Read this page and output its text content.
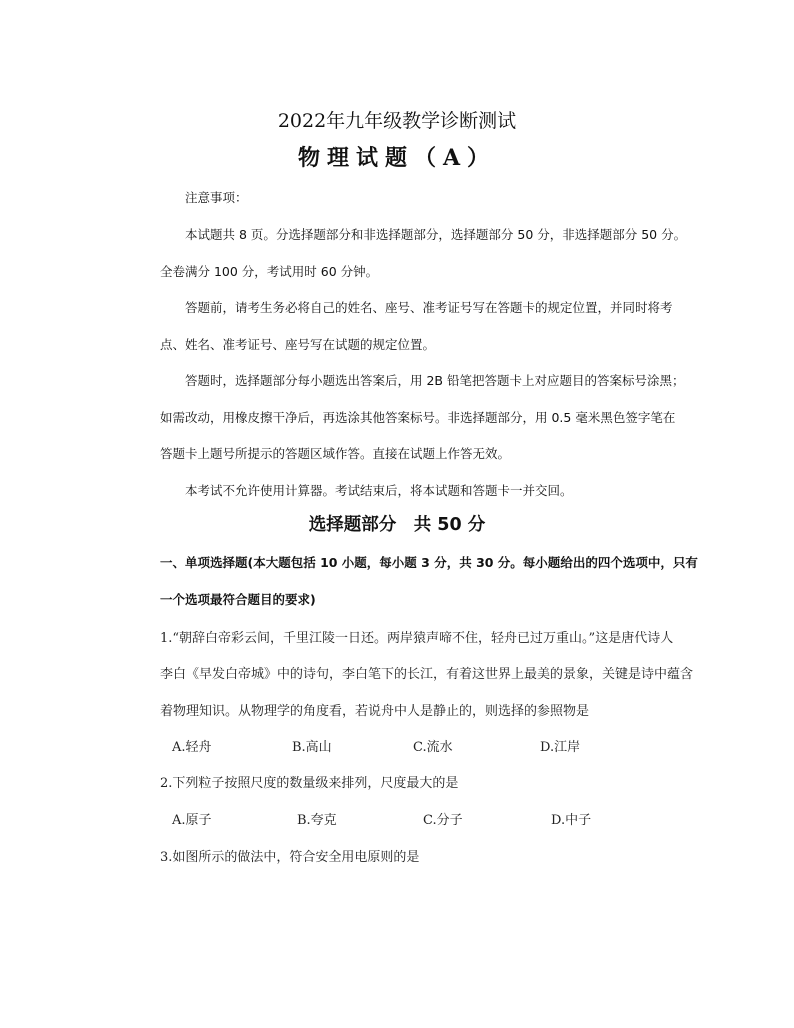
2022年九年级教学诊断测试

物理试题（A）

注意事项：

本试题共 8 页。分选择题部分和非选择题部分，选择题部分 50 分，非选择题部分 50 分。

全卷满分 100 分，考试用时 60 分钟。

答题前，请考生务必将自己的姓名、座号、准考证号写在答题卡的规定位置，并同时将考

点、姓名、准考证号、座号写在试题的规定位置。

答题时，选择题部分每小题选出答案后，用 2B 铅笔把答题卡上对应题目的答案标号涂黑；

如需改动，用橡皮擦干净后，再选涂其他答案标号。非选择题部分，用 0.5 毫米黑色签字笔在

答题卡上题号所提示的答题区域作答。直接在试题上作答无效。

本考试不允许使用计算器。考试结束后，将本试题和答题卡一并交回。

选择题部分　共 50 分

一、单项选择题(本大题包括 10 小题，每小题 3 分，共 30 分。每小题给出的四个选项中，只有

一个选项最符合题目的要求)

1.“朝辞白帝彩云间，千里江陵一日还。两岸猿声啼不住，轻舟已过万重山。”这是唐代诗人

李白《早发白帝城》中的诗句，李白笔下的长江，有着这世界上最美的景象，关键是诗中蕴含

着物理知识。从物理学的角度看，若说舟中人是静止的，则选择的参照物是

A.轻舟	B.高山	C.流水	D.江岸

2.下列粒子按照尺度的数量级来排列，尺度最大的是

A.原子	B.夸克	C.分子	D.中子

3.如图所示的做法中，符合安全用电原则的是
